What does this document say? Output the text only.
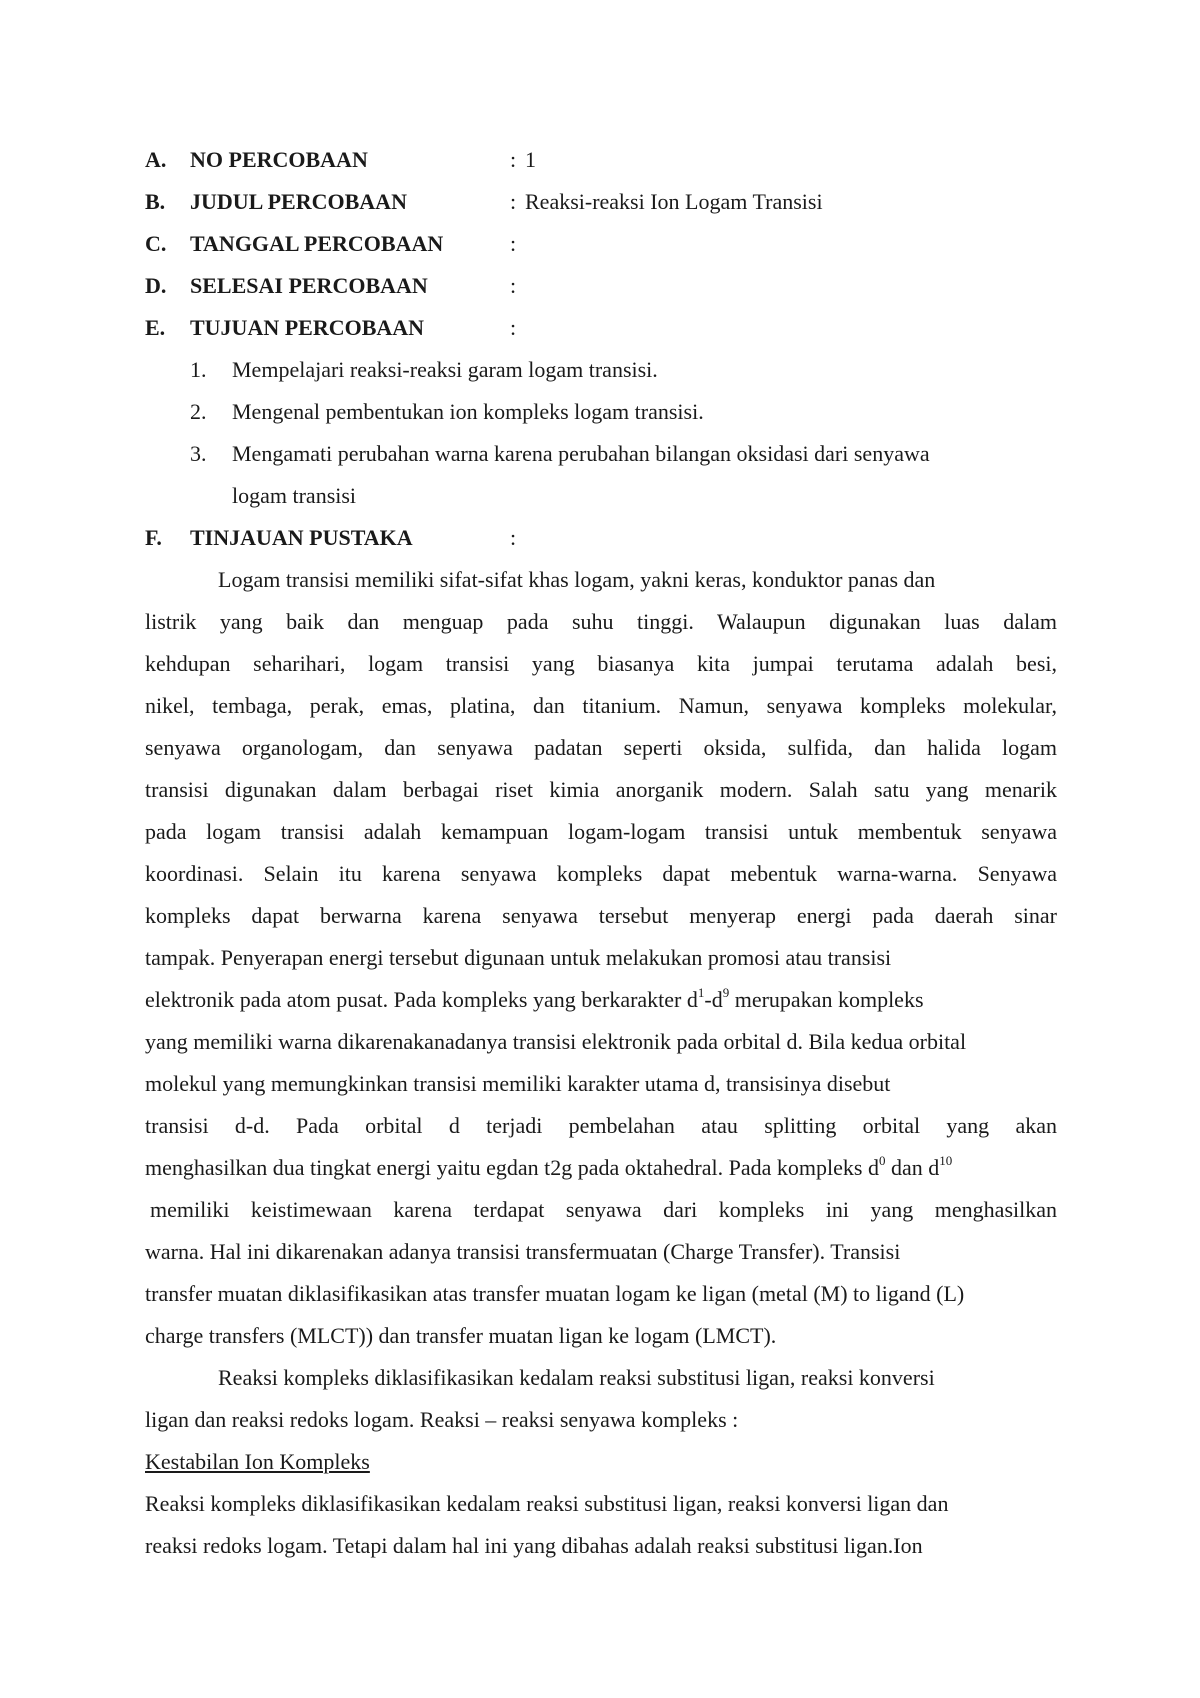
A. NO PERCOBAAN	: 1
B. JUDUL PERCOBAAN	: Reaksi-reaksi Ion Logam Transisi
C. TANGGAL PERCOBAAN	:
D. SELESAI PERCOBAAN	:
E. TUJUAN PERCOBAAN	:
1. Mempelajari reaksi-reaksi garam logam transisi.
2. Mengenal pembentukan ion kompleks logam transisi.
3. Mengamati perubahan warna karena perubahan bilangan oksidasi dari senyawa
logam transisi
F. TINJAUAN PUSTAKA	:
Logam transisi memiliki sifat-sifat khas logam, yakni keras, konduktor panas dan
listrik yang baik dan menguap pada suhu tinggi. Walaupun digunakan luas dalam
kehdupan seharihari, logam transisi yang biasanya kita jumpai terutama adalah besi,
nikel, tembaga, perak, emas, platina, dan titanium. Namun, senyawa kompleks molekular,
senyawa organologam, dan senyawa padatan seperti oksida, sulfida, dan halida logam
transisi digunakan dalam berbagai riset kimia anorganik modern. Salah satu yang menarik
pada logam transisi adalah kemampuan logam-logam transisi untuk membentuk senyawa
koordinasi. Selain itu karena senyawa kompleks dapat mebentuk warna-warna. Senyawa
kompleks dapat berwarna karena senyawa tersebut menyerap energi pada daerah sinar
tampak. Penyerapan energi tersebut digunaan untuk melakukan promosi atau transisi
elektronik pada atom pusat. Pada kompleks yang berkarakter $d^1-d^9$ merupakan kompleks
yang memiliki warna dikarenakanadanya transisi elektronik pada orbital d. Bila kedua orbital
molekul yang memungkinkan transisi memiliki karakter utama d, transisinya disebut
transisi d-d. Pada orbital d terjadi pembelahan atau splitting orbital yang akan
menghasilkan dua tingkat energi yaitu egdan t2g pada oktahedral. Pada kompleks $d^0$ dan $d^{10}$
memiliki keistimewaan karena terdapat senyawa dari kompleks ini yang menghasilkan
warna. Hal ini dikarenakan adanya transisi transfermuatan (Charge Transfer). Transisi
transfer muatan diklasifikasikan atas transfer muatan logam ke ligan (metal (M) to ligand (L)
charge transfers (MLCT)) dan transfer muatan ligan ke logam (LMCT).
Reaksi kompleks diklasifikasikan kedalam reaksi substitusi ligan, reaksi konversi
ligan dan reaksi redoks logam. Reaksi – reaksi senyawa kompleks :
Kestabilan Ion Kompleks
Reaksi kompleks diklasifikasikan kedalam reaksi substitusi ligan, reaksi konversi ligan dan
reaksi redoks logam. Tetapi dalam hal ini yang dibahas adalah reaksi substitusi ligan.Ion
